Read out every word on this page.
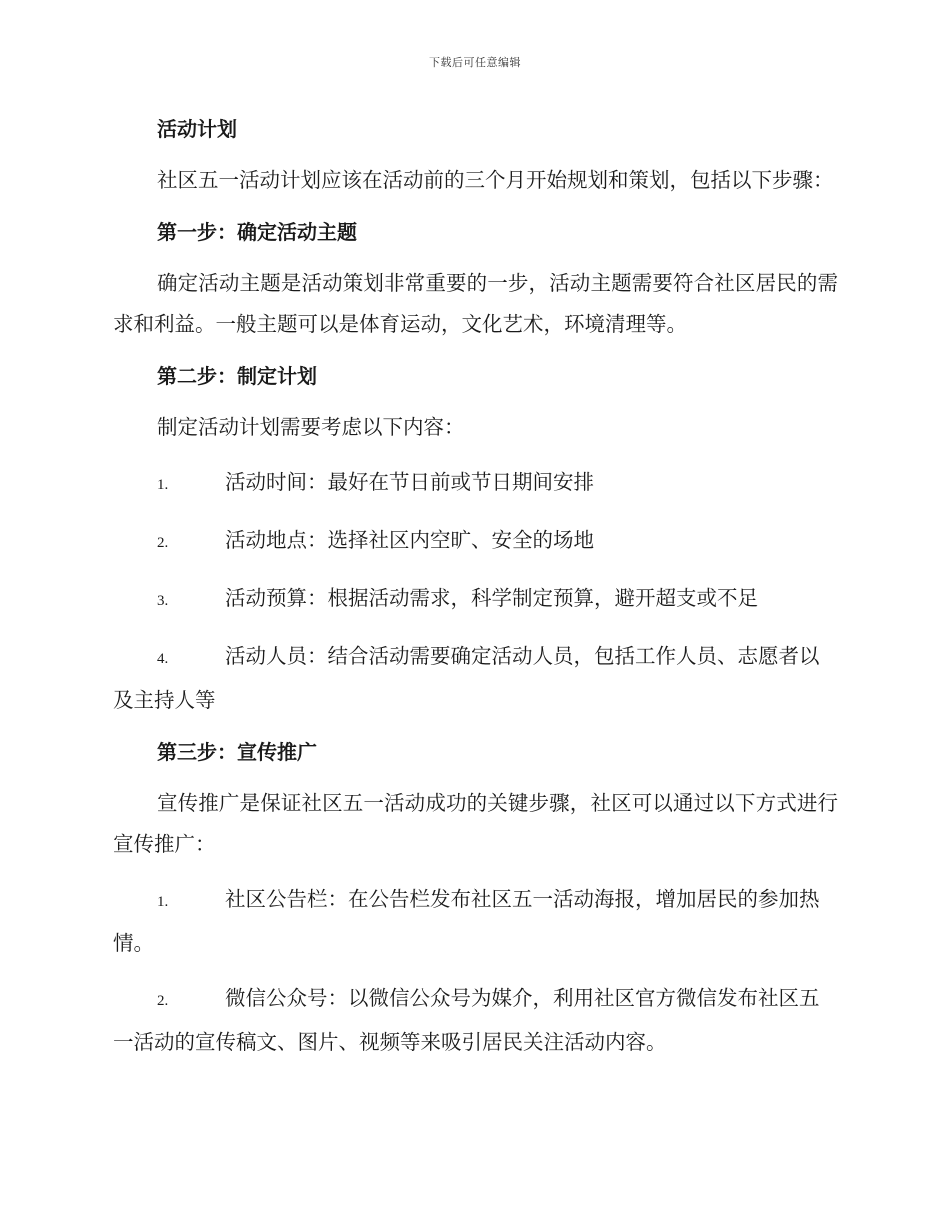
下载后可任意编辑

活动计划

社区五一活动计划应该在活动前的三个月开始规划和策划，包括以下步骤：

第一步：确定活动主题

确定活动主题是活动策划非常重要的一步，活动主题需要符合社区居民的需求和利益。一般主题可以是体育运动，文化艺术，环境清理等。

第二步：制定计划

制定活动计划需要考虑以下内容：

1.	活动时间：最好在节日前或节日期间安排

2.	活动地点：选择社区内空旷、安全的场地

3.	活动预算：根据活动需求，科学制定预算，避开超支或不足

4.	活动人员：结合活动需要确定活动人员，包括工作人员、志愿者以及主持人等

第三步：宣传推广

宣传推广是保证社区五一活动成功的关键步骤，社区可以通过以下方式进行宣传推广：

1.	社区公告栏：在公告栏发布社区五一活动海报，增加居民的参加热情。

2.	微信公众号：以微信公众号为媒介，利用社区官方微信发布社区五一活动的宣传稿文、图片、视频等来吸引居民关注活动内容。
